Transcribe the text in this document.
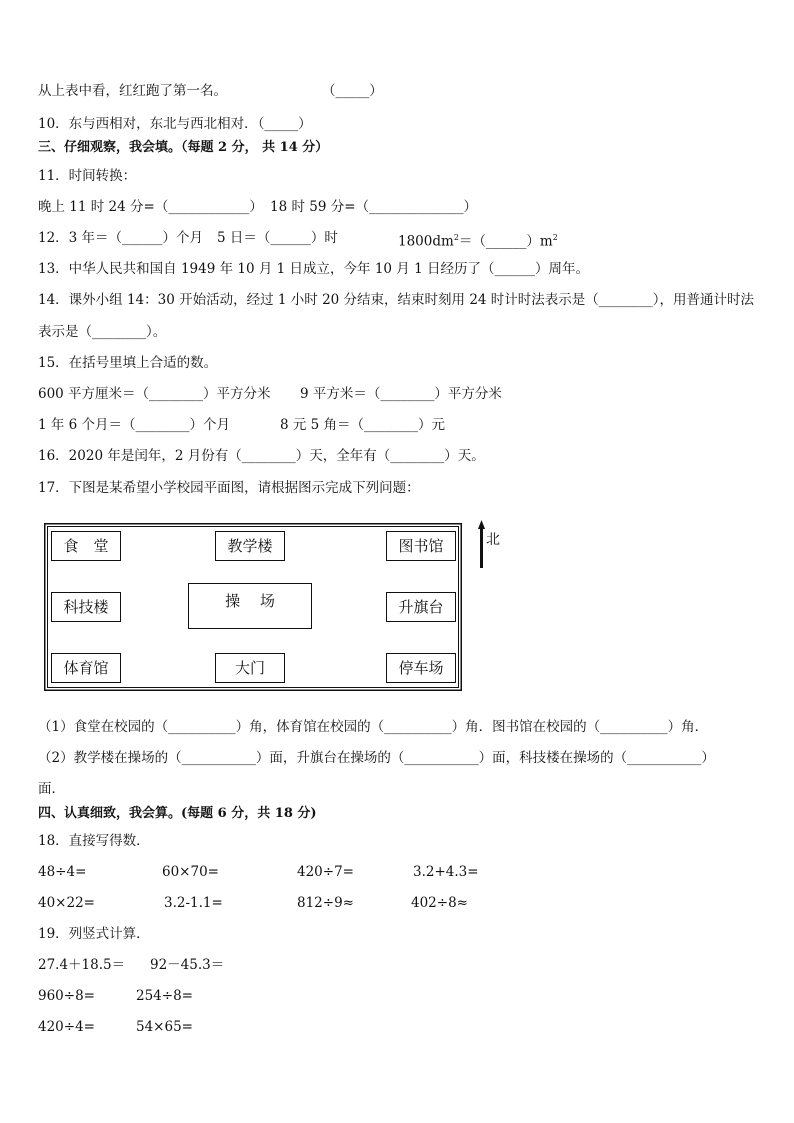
从上表中看，红红跑了第一名。	（_____）
10．东与西相对，东北与西北相对．（_____）
三、仔细观察，我会填。（每题 2 分， 共 14 分）
11．时间转换：
晚上 11 时 24 分=（____________） 18 时 59 分=（______________）
12．3 年＝（______）个月 5 日＝（______）时	$1800dm^2=(\_\_\_\_\_\_)m^2$
13．中华人民共和国自 1949 年 10 月 1 日成立，今年 10 月 1 日经历了（______）周年。
14．课外小组 14：30 开始活动，经过 1 小时 20 分结束，结束时刻用 24 时计时法表示是（________），用普通计时法
表示是（________）。
15．在括号里填上合适的数。
600 平方厘米＝（________）平方分米 9 平方米＝（________）平方分米
1 年 6 个月＝（________）个月	8 元 5 角＝（________）元
16．2020 年是闰年，2 月份有（________）天，全年有（________）天。
17．下图是某希望小学校园平面图，请根据图示完成下列问题：
食　堂	教学楼	图书馆
科技楼	操　 场	升旗台
体育馆	大门	停车场
北
（1）食堂在校园的（__________）角，体育馆在校园的（__________）角．图书馆在校园的（__________）角．
（2）教学楼在操场的（___________）面，升旗台在操场的（___________）面，科技楼在操场的（___________）
面．
四、认真细致，我会算。(每题 6 分，共 18 分)
18．直接写得数．
48÷4=	60×70=	420÷7=	3.2+4.3=
40×22=	3.2-1.1=	812÷9≈	402÷8≈
19．列竖式计算．
27.4＋18.5＝ 92－45.3＝
960÷8=	254÷8=
420÷4=	54×65=
